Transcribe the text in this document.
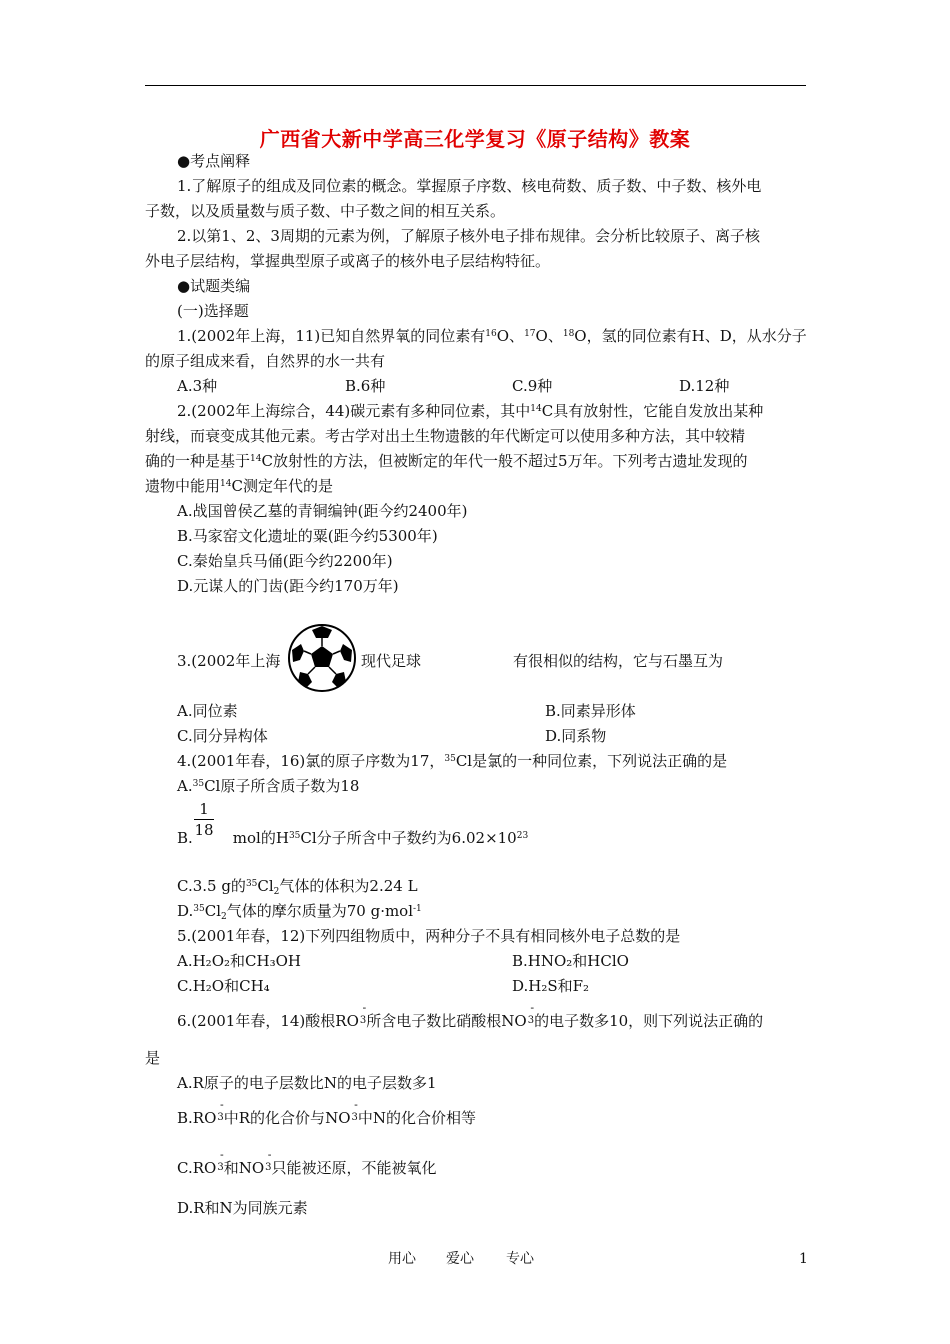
广西省大新中学高三化学复习《原子结构》教案
●考点阐释
1.了解原子的组成及同位素的概念。掌握原子序数、核电荷数、质子数、中子数、核外电
子数，以及质量数与质子数、中子数之间的相互关系。
2.以第1、2、3周期的元素为例，了解原子核外电子排布规律。会分析比较原子、离子核
外电子层结构，掌握典型原子或离子的核外电子层结构特征。
●试题类编
(一)选择题
1.(2002年上海，11)已知自然界氧的同位素有$^{16}$O、$^{17}$O、$^{18}$O，氢的同位素有H、D，从水分子
的原子组成来看，自然界的水一共有
A.3种	B.6种	C.9种	D.12种
2.(2002年上海综合，44)碳元素有多种同位素，其中$^{14}$C具有放射性，它能自发放出某种
射线，而衰变成其他元素。考古学对出土生物遗骸的年代断定可以使用多种方法，其中较精
确的一种是基于$^{14}$C放射性的方法，但被断定的年代一般不超过5万年。下列考古遗址发现的
遗物中能用$^{14}$C测定年代的是
A.战国曾侯乙墓的青铜编钟(距今约2400年)
B.马家窑文化遗址的粟(距今约5300年)
C.秦始皇兵马俑(距今约2200年)
D.元谋人的门齿(距今约170万年)
3.(2002年上海	现代足球	有很相似的结构，它与石墨互为
A.同位素	B.同素异形体
C.同分异构体	D.同系物
4.(2001年春，16)氯的原子序数为17，$^{35}$Cl是氯的一种同位素，下列说法正确的是
A.$^{35}$Cl原子所含质子数为18
1
18
B.	mol的$H^{35}Cl$分子所含中子数约为$6.02\times 10^{23}$
C.3.5 g的$^{35}Cl_2$气体的体积为2.24 L
$D.^{35}Cl_2$气体的摩尔质量为70 g·mol$^{-1}$
5.(2001年春，12)下列四组物质中，两种分子不具有相同核外电子总数的是
A.H₂O₂和CH₃OH	B.HNO₂和HClO
C.H₂O和CH₄	D.H₂S和F₂
6.(2001年春，14)酸根$RO^3$
-
所含电子数比硝酸根$NO^3$
-
的电子数多10，则下列说法正确的
是
A.R原子的电子层数比N的电子层数多1
$B.RO^3$
-
中R的化合价与$NO^3$
-
中N的化合价相等
$C.RO^3$
-
和$NO^3$
-
只能被还原，不能被氧化
D.R和N为同族元素
用心 爱心 专心	1
